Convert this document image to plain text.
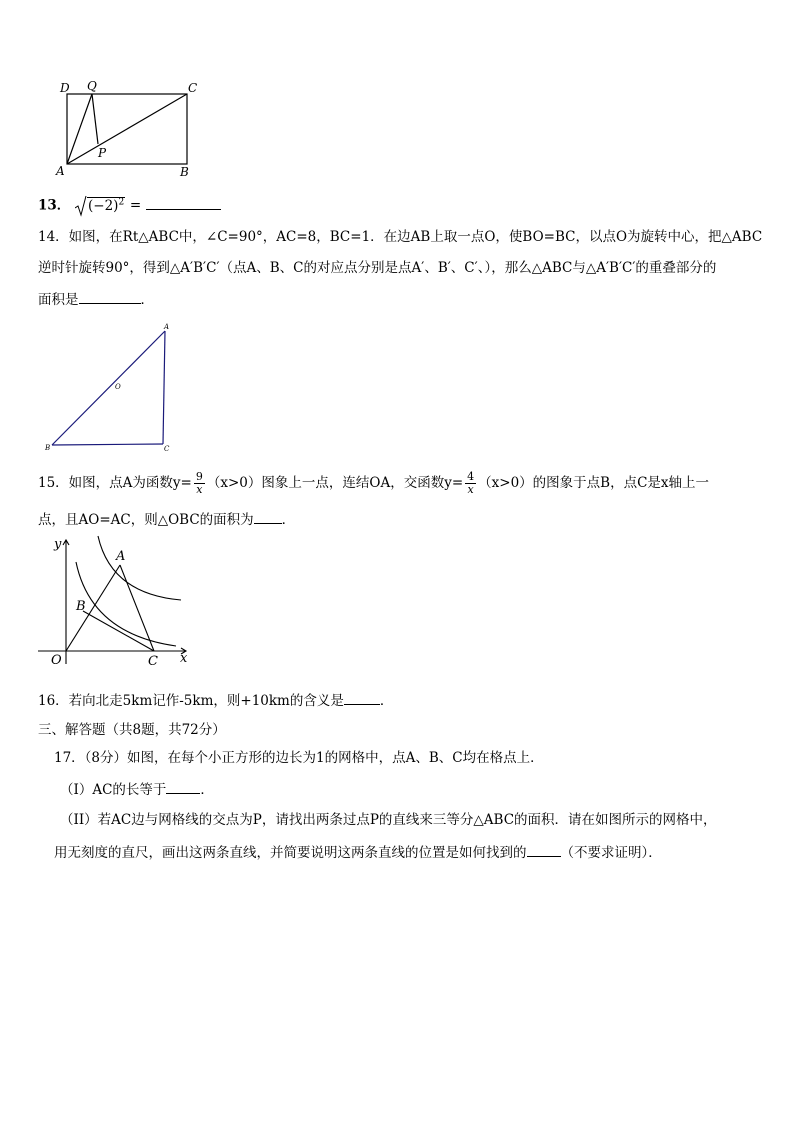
D Q	C
P
A	B
13． $(-2)^2$ =
14．如图，在Rt△ABC中，∠C=90°，AC=8，BC=1．在边AB上取一点O，使BO=BC，以点O为旋转中心，把△ABC
逆时针旋转90°，得到△A′B′C′（点A、B、C的对应点分别是点A′、B′、C′、），那么△ABC与△A′B′C′的重叠部分的
面积是	．
A
O
B	C
15．如图，点A为函数$y= \frac{9}{x} (x>0)$图象上一点，连结OA，交函数$y= \frac{4}{x} (x>0)$的图象于点B，点C是x轴上一
点，且AO=AC，则△OBC的面积为 ．
y
x
O
A
B
C
16．若向北走5km记作-5km，则+10km的含义是	．
三、解答题（共8题，共72分）
17．（8分）如图，在每个小正方形的边长为1的网格中，点A、B、C均在格点上．
（I）AC的长等于	．
（II）若AC边与网格线的交点为P，请找出两条过点P的直线来三等分△ABC的面积．请在如图所示的网格中，
用无刻度的直尺，画出这两条直线，并简要说明这两条直线的位置是如何找到的	（不要求证明）．
